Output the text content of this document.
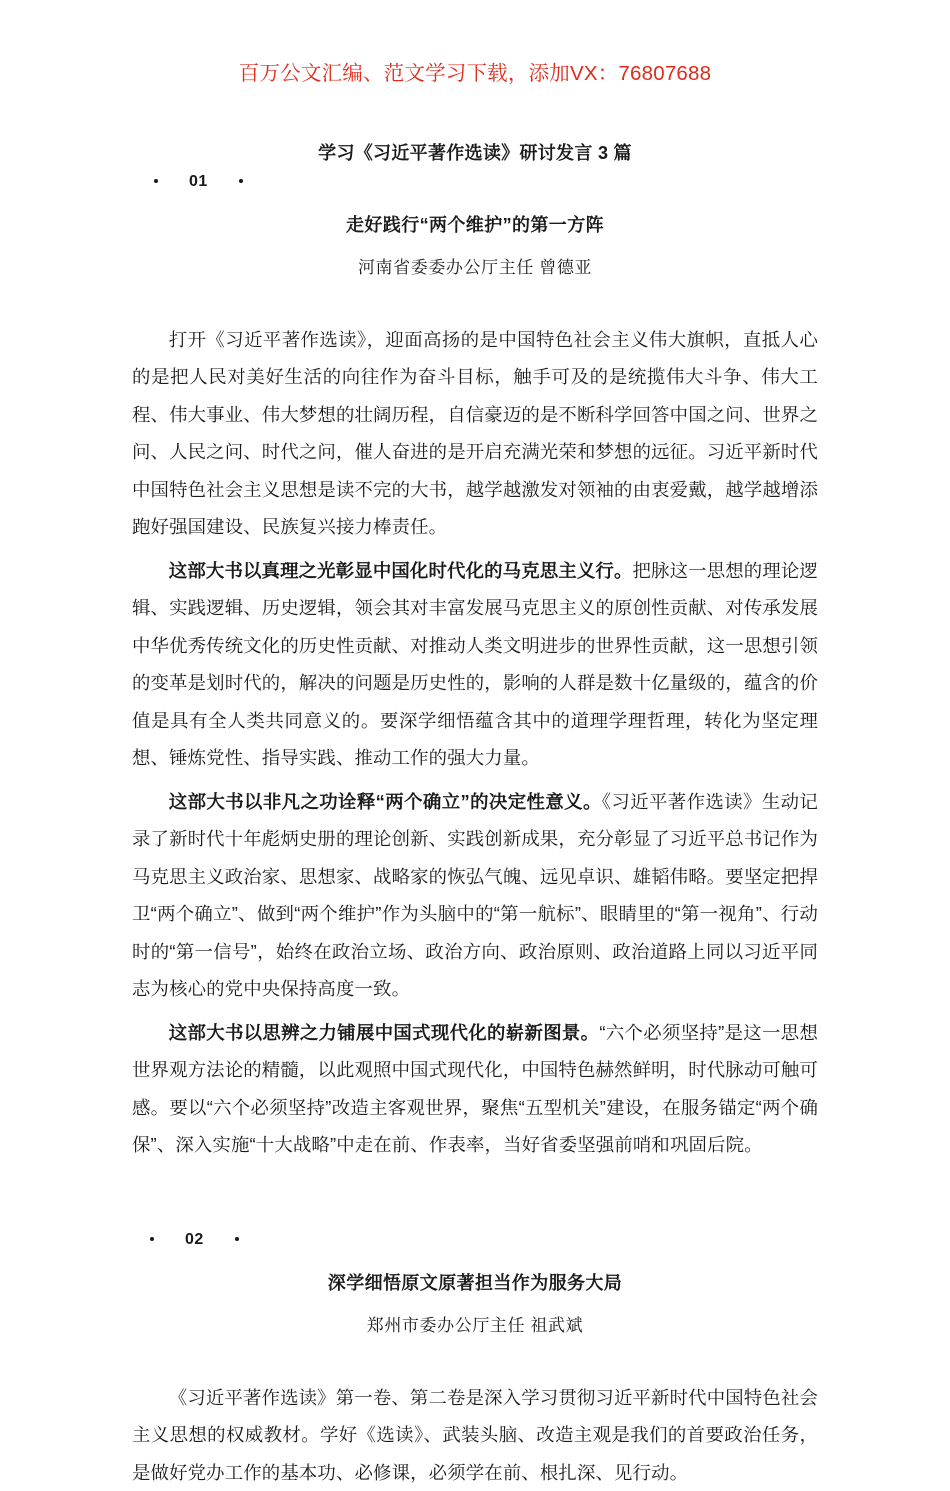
百万公文汇编、范文学习下载，添加VX：76807688
学习《习近平著作选读》研讨发言 3 篇
01
走好践行“两个维护”的第一方阵
河南省委委办公厅主任 曾德亚

打开《习近平著作选读》，迎面高扬的是中国特色社会主义伟大旗帜，直抵人心的是把人民对美好生活的向往作为奋斗目标，触手可及的是统揽伟大斗争、伟大工程、伟大事业、伟大梦想的壮阔历程，自信豪迈的是不断科学回答中国之问、世界之问、人民之问、时代之问，催人奋进的是开启充满光荣和梦想的远征。习近平新时代中国特色社会主义思想是读不完的大书，越学越激发对领袖的由衷爱戴，越学越增添跑好强国建设、民族复兴接力棒责任。

这部大书以真理之光彰显中国化时代化的马克思主义行。把脉这一思想的理论逻辑、实践逻辑、历史逻辑，领会其对丰富发展马克思主义的原创性贡献、对传承发展中华优秀传统文化的历史性贡献、对推动人类文明进步的世界性贡献，这一思想引领的变革是划时代的，解决的问题是历史性的，影响的人群是数十亿量级的，蕴含的价值是具有全人类共同意义的。要深学细悟蕴含其中的道理学理哲理，转化为坚定理想、锤炼党性、指导实践、推动工作的强大力量。

这部大书以非凡之功诠释“两个确立”的决定性意义。《习近平著作选读》生动记录了新时代十年彪炳史册的理论创新、实践创新成果，充分彰显了习近平总书记作为马克思主义政治家、思想家、战略家的恢弘气魄、远见卓识、雄韬伟略。要坚定把捍卫“两个确立”、做到“两个维护”作为头脑中的“第一航标”、眼睛里的“第一视角”、行动时的“第一信号”，始终在政治立场、政治方向、政治原则、政治道路上同以习近平同志为核心的党中央保持高度一致。

这部大书以思辨之力铺展中国式现代化的崭新图景。“六个必须坚持”是这一思想世界观方法论的精髓，以此观照中国式现代化，中国特色赫然鲜明，时代脉动可触可感。要以“六个必须坚持”改造主客观世界，聚焦“五型机关”建设，在服务锚定“两个确保”、深入实施“十大战略”中走在前、作表率，当好省委坚强前哨和巩固后院。

02
深学细悟原文原著担当作为服务大局
郑州市委办公厅主任 祖武斌

《习近平著作选读》第一卷、第二卷是深入学习贯彻习近平新时代中国特色社会主义思想的权威教材。学好《选读》、武装头脑、改造主观是我们的首要政治任务，是做好党办工作的基本功、必修课，必须学在前、根扎深、见行动。
